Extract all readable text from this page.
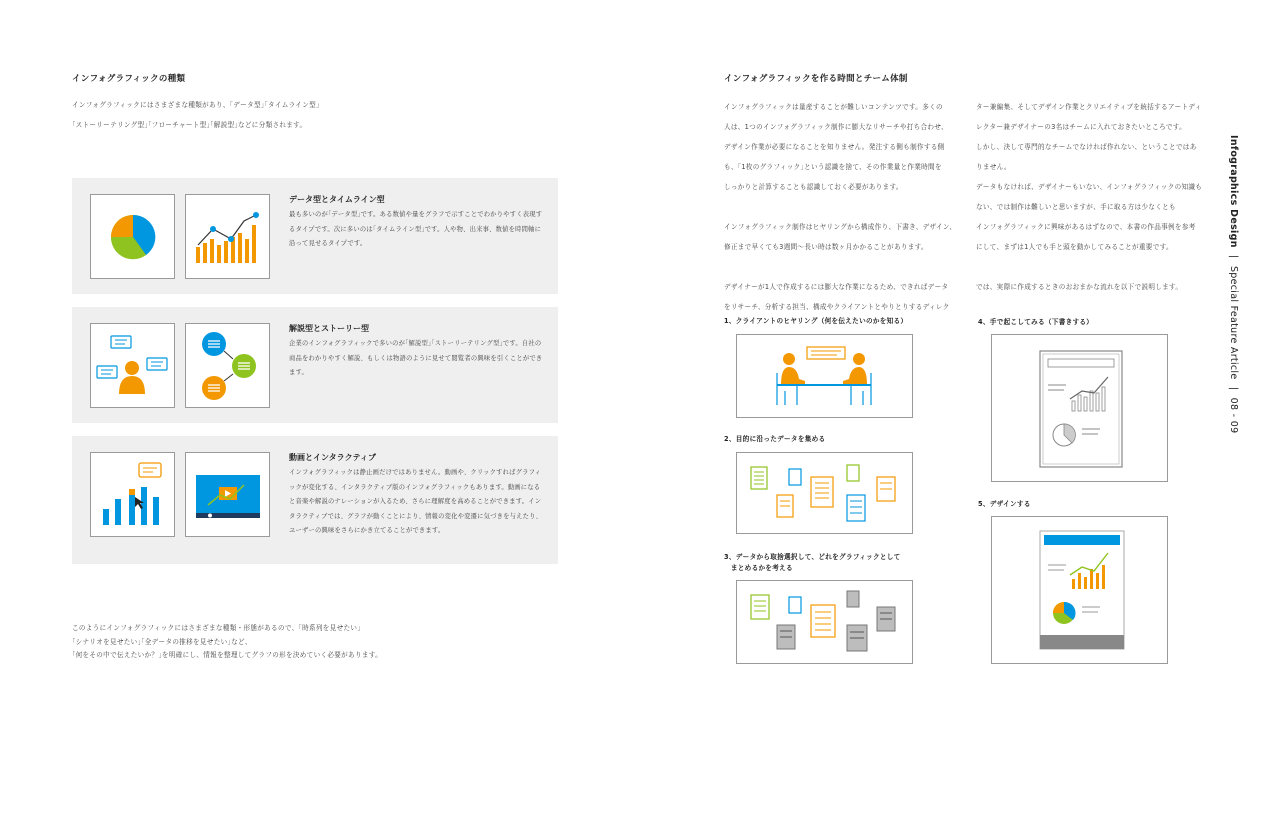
インフォグラフィックの種類
インフォグラフィックにはさまざまな種類があり、｢データ型｣｢タイムライン型｣
｢ストーリーテリング型｣｢フローチャート型｣｢解説型｣などに分類されます。
データ型とタイムライン型
最も多いのが｢データ型｣です。ある数値や量をグラフで示すことでわかりやすく表現するタイプです。次に多いのは｢タイムライン型｣です。人や物、出来事、数値を時間軸に沿って見せるタイプです。
解説型とストーリー型
企業のインフォグラフィックで多いのが｢解説型｣｢ストーリーテリング型｣です。自社の商品をわかりやすく解説、もしくは物語のように見せて閲覧者の興味を引くことができます。
動画とインタラクティブ
インフォグラフィックは静止画だけではありません。動画や、クリックすればグラフィックが変化する、インタラクティブ版のインフォグラフィックもあります。動画になると音楽や解説のナレーションが入るため、さらに理解度を高めることができます。インタラクティブでは、グラフが動くことにより、情報の変化や変遷に気づきを与えたり、ユーザーの興味をさらにかき立てることができます。
このようにインフォグラフィックにはさまざまな種類・形態があるので、｢時系列を見せたい｣
｢シナリオを見せたい｣｢全データの推移を見せたい｣など、
｢何をその中で伝えたいか？｣を明確にし、情報を整理してグラフの形を決めていく必要があります。
インフォグラフィックを作る時間とチーム体制
インフォグラフィックは量産することが難しいコンテンツです。多くの
人は、1つのインフォグラフィック制作に膨大なリサーチや打ち合わせ、
デザイン作業が必要になることを知りません。発注する側も制作する側
も、｢1枚のグラフィック｣という認識を捨て、その作業量と作業時間を
しっかりと計算することも認識しておく必要があります。

インフォグラフィック制作はヒヤリングから構成作り、下書き、デザイン、
修正まで早くても3週間〜長い時は数ヶ月かかることがあります。

デザイナーが1人で作成するには膨大な作業になるため、できればデータ
をリサーチ、分析する担当、構成やクライアントとやりとりするディレク
ター兼編集、そしてデザイン作業とクリエイティブを統括するアートディ
レクター兼デザイナーの3名はチームに入れておきたいところです。
しかし、決して専門的なチームでなければ作れない、ということではあ
りません。
データもなければ、デザイナーもいない、インフォグラフィックの知識も
ない、では制作は難しいと思いますが、手に取る方は少なくとも
インフォグラフィックに興味があるはずなので、本書の作品事例を参考
にして、まずは1人でも手と頭を動かしてみることが重要です。

では、実際に作成するときのおおまかな流れを以下で説明します。
1、クライアントのヒヤリング（何を伝えたいのかを知る）
2、目的に沿ったデータを集める
3、データから取捨選択して、どれをグラフィックとして
　まとめるかを考える
4、手で起こしてみる（下書きする）
5、デザインする
Infographics Design | Special Feature Article | 08 - 09
